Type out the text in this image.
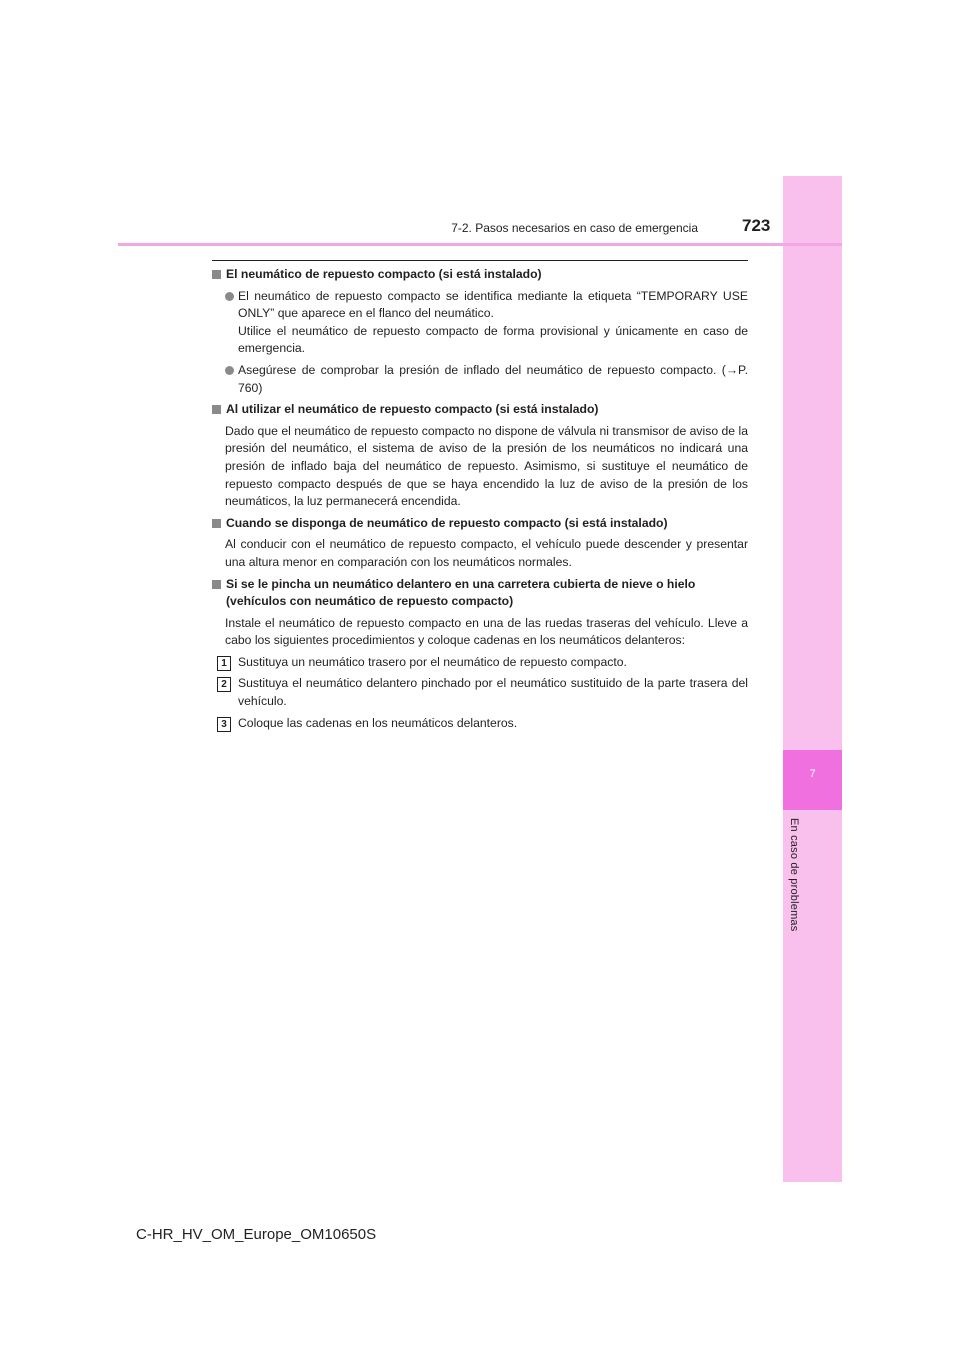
7
En caso de problemas
7-2. Pasos necesarios en caso de emergencia	723
El neumático de repuesto compacto (si está instalado)
El neumático de repuesto compacto se identifica mediante la etiqueta “TEMPORARY USE ONLY” que aparece en el flanco del neumático.
Utilice el neumático de repuesto compacto de forma provisional y únicamente en caso de emergencia.
Asegúrese de comprobar la presión de inflado del neumático de repuesto compacto. (→P. 760)
Al utilizar el neumático de repuesto compacto (si está instalado)
Dado que el neumático de repuesto compacto no dispone de válvula ni transmisor de aviso de la presión del neumático, el sistema de aviso de la presión de los neumáticos no indicará una presión de inflado baja del neumático de repuesto. Asimismo, si sustituye el neumático de repuesto compacto después de que se haya encendido la luz de aviso de la presión de los neumáticos, la luz permanecerá encendida.
Cuando se disponga de neumático de repuesto compacto (si está instalado)
Al conducir con el neumático de repuesto compacto, el vehículo puede descender y presentar una altura menor en comparación con los neumáticos normales.
Si se le pincha un neumático delantero en una carretera cubierta de nieve o hielo (vehículos con neumático de repuesto compacto)
Instale el neumático de repuesto compacto en una de las ruedas traseras del vehículo. Lleve a cabo los siguientes procedimientos y coloque cadenas en los neumáticos delanteros:
1 Sustituya un neumático trasero por el neumático de repuesto compacto.
2 Sustituya el neumático delantero pinchado por el neumático sustituido de la parte trasera del vehículo.
3 Coloque las cadenas en los neumáticos delanteros.
C-HR_HV_OM_Europe_OM10650S
